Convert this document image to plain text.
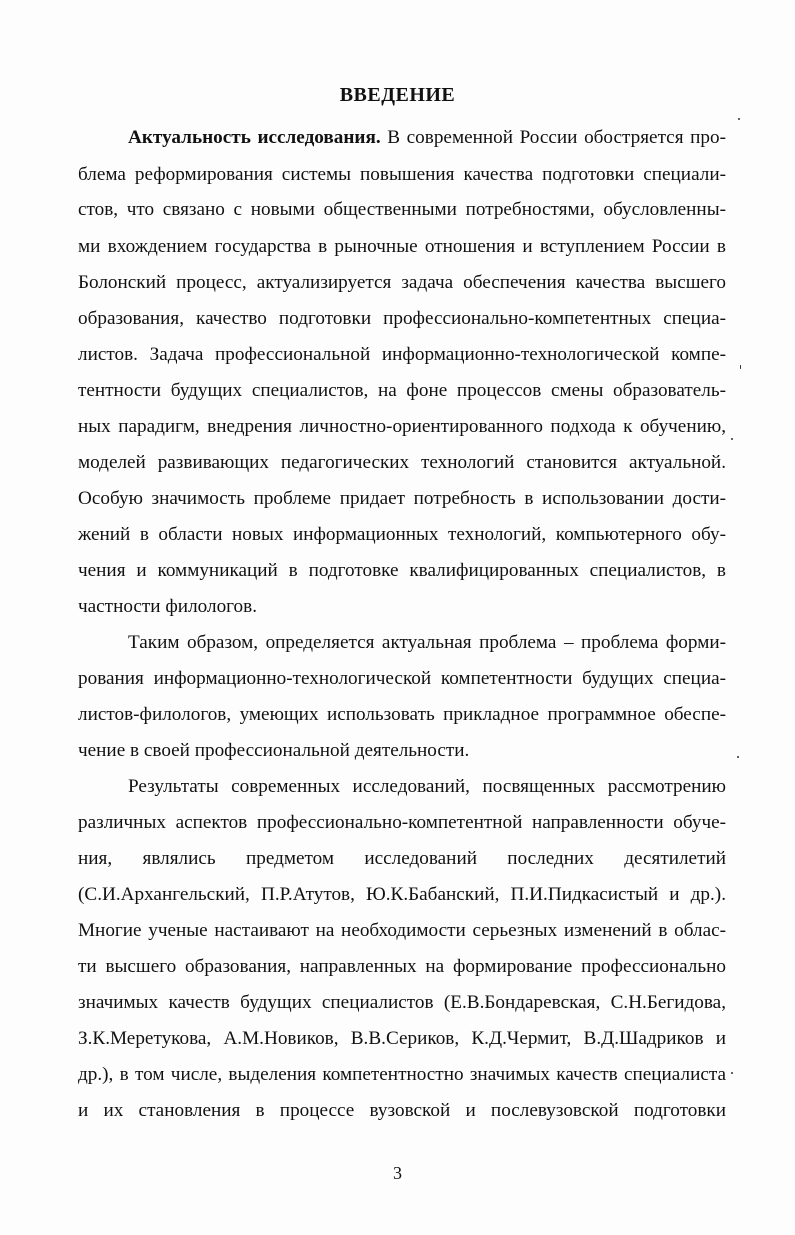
ВВЕДЕНИЕ
Актуальность исследования. В современной России обостряется про-
блема реформирования системы повышения качества подготовки специали-
стов, что связано с новыми общественными потребностями, обусловленны-
ми вхождением государства в рыночные отношения и вступлением России в
Болонский процесс, актуализируется задача обеспечения качества высшего
образования, качество подготовки профессионально-компетентных специа-
листов. Задача профессиональной информационно-технологической компе-
тентности будущих специалистов, на фоне процессов смены образователь-
ных парадигм, внедрения личностно-ориентированного подхода к обучению,
моделей развивающих педагогических технологий становится актуальной.
Особую значимость проблеме придает потребность в использовании дости-
жений в области новых информационных технологий, компьютерного обу-
чения и коммуникаций в подготовке квалифицированных специалистов, в
частности филологов.
Таким образом, определяется актуальная проблема – проблема форми-
рования информационно-технологической компетентности будущих специа-
листов-филологов, умеющих использовать прикладное программное обеспе-
чение в своей профессиональной деятельности.
Результаты современных исследований, посвященных рассмотрению
различных аспектов профессионально-компетентной направленности обуче-
ния, являлись предметом исследований последних десятилетий
(С.И.Архангельский, П.Р.Атутов, Ю.К.Бабанский, П.И.Пидкасистый и др.).
Многие ученые настаивают на необходимости серьезных изменений в облас-
ти высшего образования, направленных на формирование профессионально
значимых качеств будущих специалистов (Е.В.Бондаревская, С.Н.Бегидова,
З.К.Меретукова, А.М.Новиков, В.В.Сериков, К.Д.Чермит, В.Д.Шадриков и
др.), в том числе, выделения компетентностно значимых качеств специалиста
и их становления в процессе вузовской и послевузовской подготовки
3
